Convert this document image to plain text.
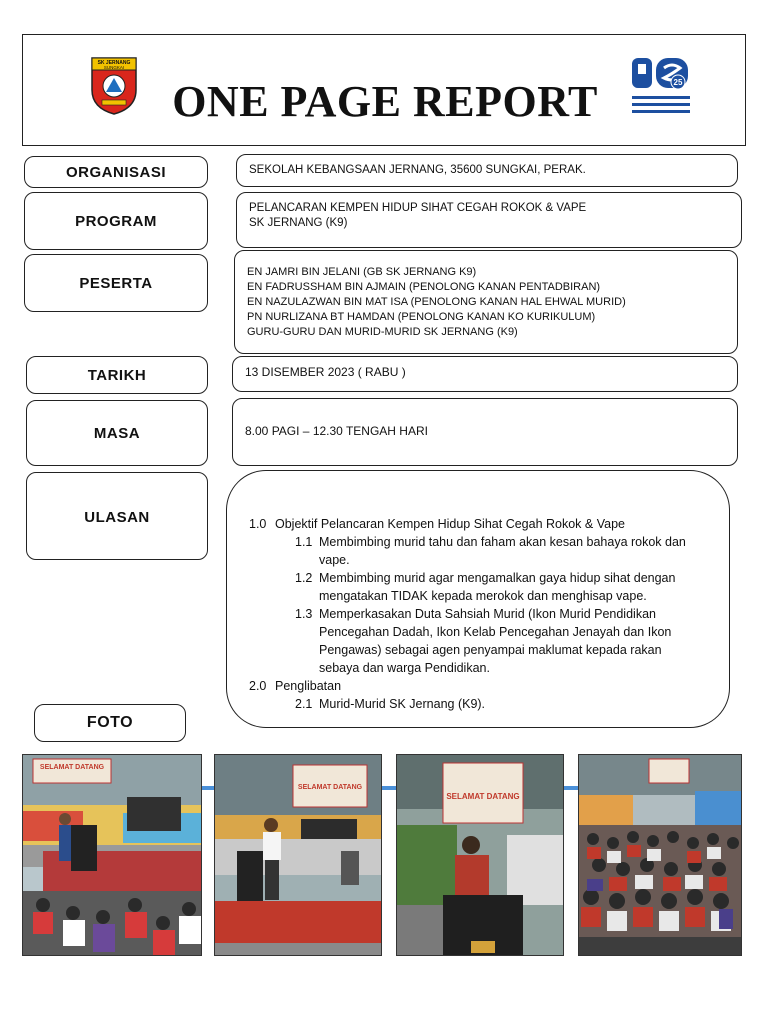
SK JERNANG
SUNGKAI
ONE PAGE REPORT	25
ORGANISASI	SEKOLAH KEBANGSAAN JERNANG, 35600 SUNGKAI, PERAK.
PROGRAM
PELANCARAN KEMPEN HIDUP SIHAT CEGAH ROKOK & VAPE
SK JERNANG (K9)
PESERTA
EN JAMRI BIN JELANI (GB SK JERNANG K9)
EN FADRUSSHAM BIN AJMAIN (PENOLONG KANAN PENTADBIRAN)
EN NAZULAZWAN BIN MAT ISA (PENOLONG KANAN HAL EHWAL MURID)
PN NURLIZANA BT HAMDAN (PENOLONG KANAN KO KURIKULUM)
GURU-GURU DAN MURID-MURID SK JERNANG (K9)
TARIKH	13 DISEMBER 2023 ( RABU )
MASA	8.00 PAGI – 12.30 TENGAH HARI
ULASAN	1.0 Objektif Pelancaran Kempen Hidup Sihat Cegah Rokok & Vape
1.1 Membimbing murid tahu dan faham akan kesan bahaya rokok dan vape.
1.2 Membimbing murid agar mengamalkan gaya hidup sihat dengan mengatakan TIDAK kepada merokok dan menghisap vape.
1.3 Memperkasakan Duta Sahsiah Murid (Ikon Murid Pendidikan Pencegahan Dadah, Ikon Kelab Pencegahan Jenayah dan Ikon Pengawas) sebagai agen penyampai maklumat kepada rakan sebaya dan warga Pendidikan.
2.0 Penglibatan
2.1 Murid-Murid SK Jernang (K9).
FOTO
SELAMAT DATANG
SELAMAT DATANG
SELAMAT DATANG
